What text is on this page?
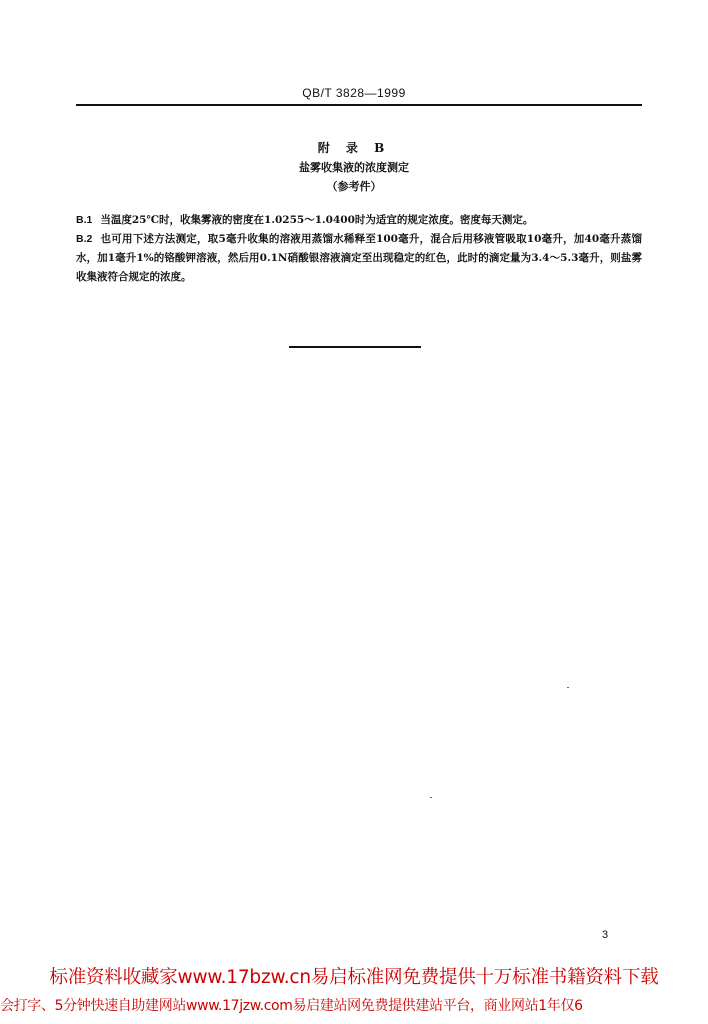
QB/T 3828—1999
附 录 B
盐雾收集液的浓度测定
（参考件）

B.1 当温度25℃时，收集雾液的密度在1.0255～1.0400时为适宜的规定浓度。密度每天测定。

B.2 也可用下述方法测定，取5毫升收集的溶液用蒸馏水稀释至100毫升，混合后用移液管吸取10毫升，加40毫升蒸馏水，加1毫升1%的铬酸钾溶液，然后用0.1N硝酸银溶液滴定至出现稳定的红色，此时的滴定量为3.4～5.3毫升，则盐雾收集液符合规定的浓度。

3
标准资料收藏家www.17bzw.cn易启标准网免费提供十万标准书籍资料下载
会打字、5分钟快速自助建网站www.17jzw.com易启建站网免费提供建站平台，商业网站1年仅6
